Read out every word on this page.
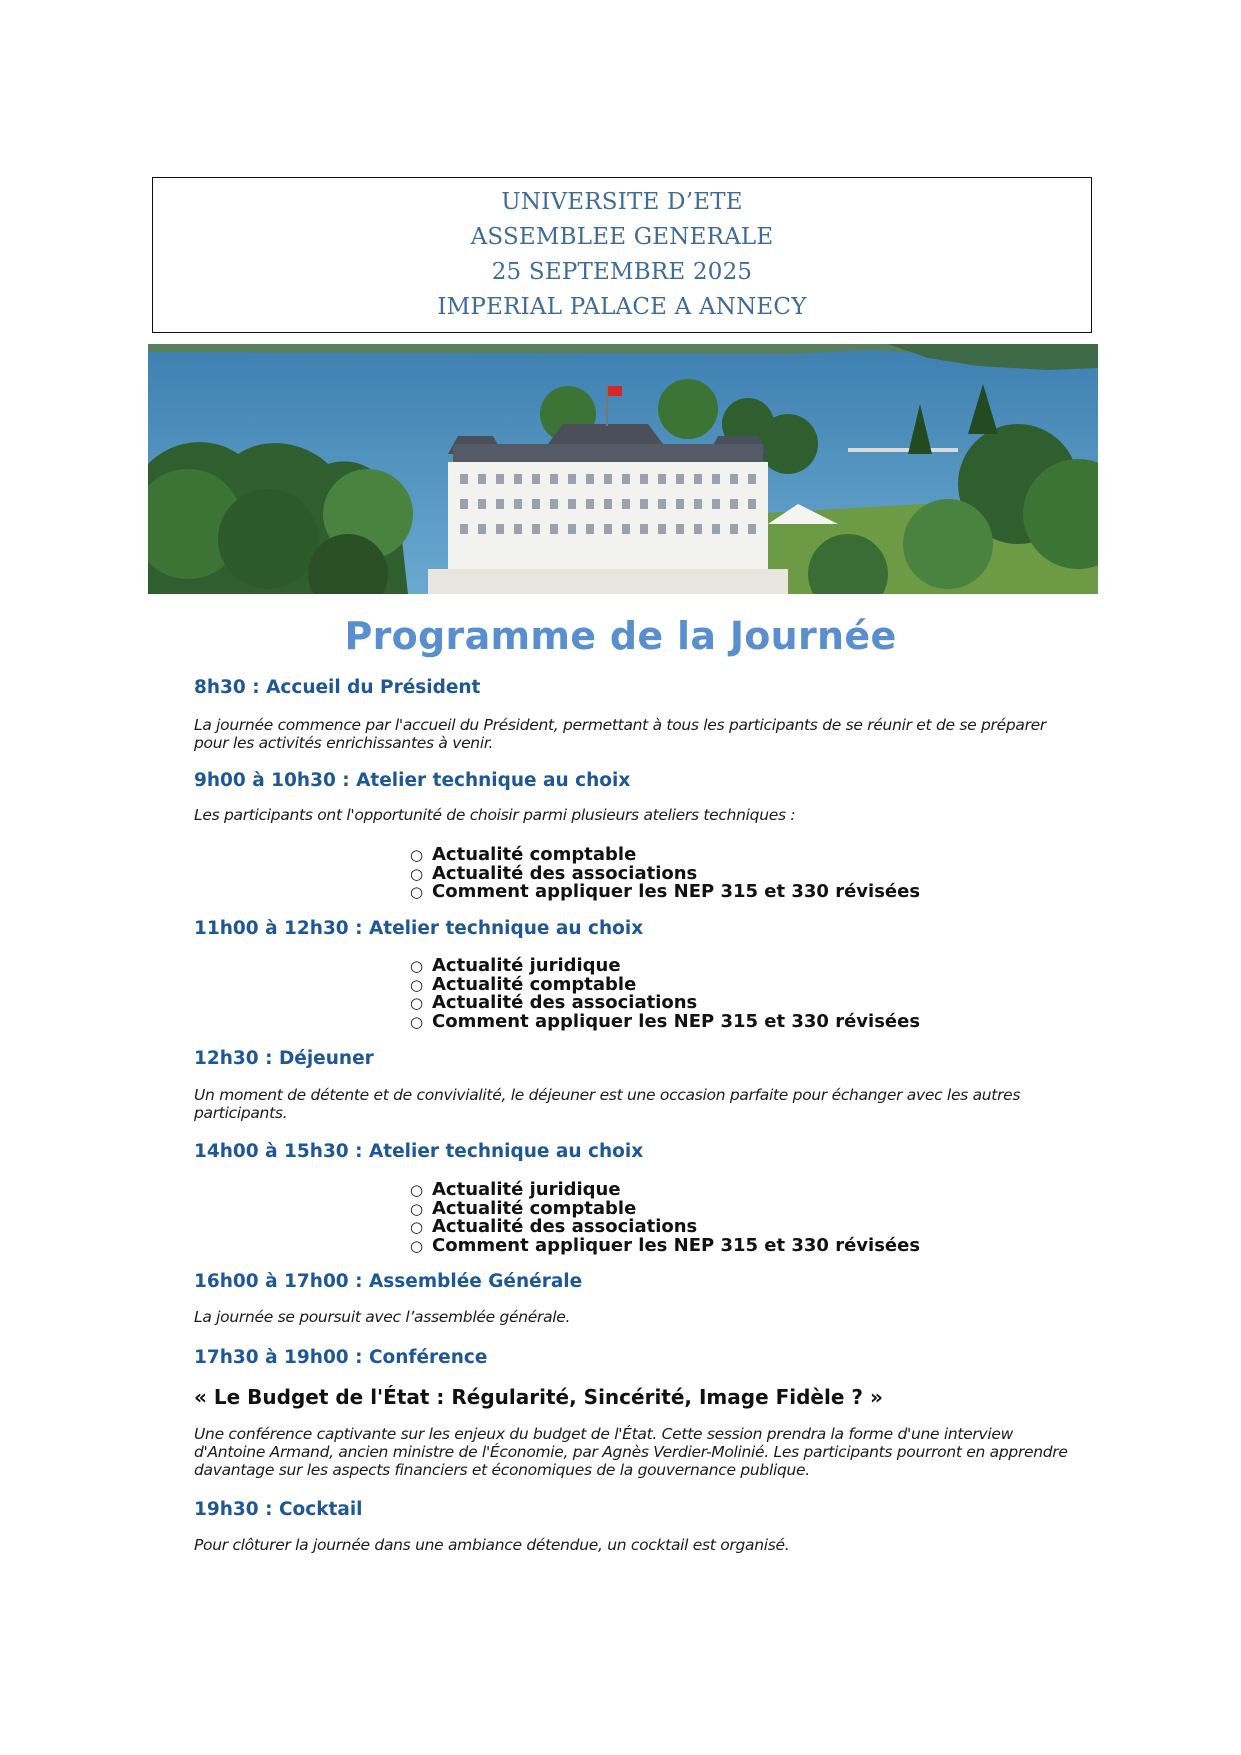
UNIVERSITE D’ETE
ASSEMBLEE GENERALE
25 SEPTEMBRE 2025
IMPERIAL PALACE A ANNECY
Programme de la Journée
8h30 : Accueil du Président
La journée commence par l'accueil du Président, permettant à tous les participants de se réunir et de se préparer pour les activités enrichissantes à venir.
9h00 à 10h30 : Atelier technique au choix
Les participants ont l'opportunité de choisir parmi plusieurs ateliers techniques :
○ Actualité comptable
○ Actualité des associations
○ Comment appliquer les NEP 315 et 330 révisées
11h00 à 12h30 : Atelier technique au choix
○ Actualité juridique
○ Actualité comptable
○ Actualité des associations
○ Comment appliquer les NEP 315 et 330 révisées
12h30 : Déjeuner
Un moment de détente et de convivialité, le déjeuner est une occasion parfaite pour échanger avec les autres participants.
14h00 à 15h30 : Atelier technique au choix
○ Actualité juridique
○ Actualité comptable
○ Actualité des associations
○ Comment appliquer les NEP 315 et 330 révisées
16h00 à 17h00 : Assemblée Générale
La journée se poursuit avec l’assemblée générale.
17h30 à 19h00 : Conférence
« Le Budget de l'État : Régularité, Sincérité, Image Fidèle ? »
Une conférence captivante sur les enjeux du budget de l'État. Cette session prendra la forme d'une interview d'Antoine Armand, ancien ministre de l'Économie, par Agnès Verdier-Molinié. Les participants pourront en apprendre davantage sur les aspects financiers et économiques de la gouvernance publique.
19h30 : Cocktail
Pour clôturer la journée dans une ambiance détendue, un cocktail est organisé.
